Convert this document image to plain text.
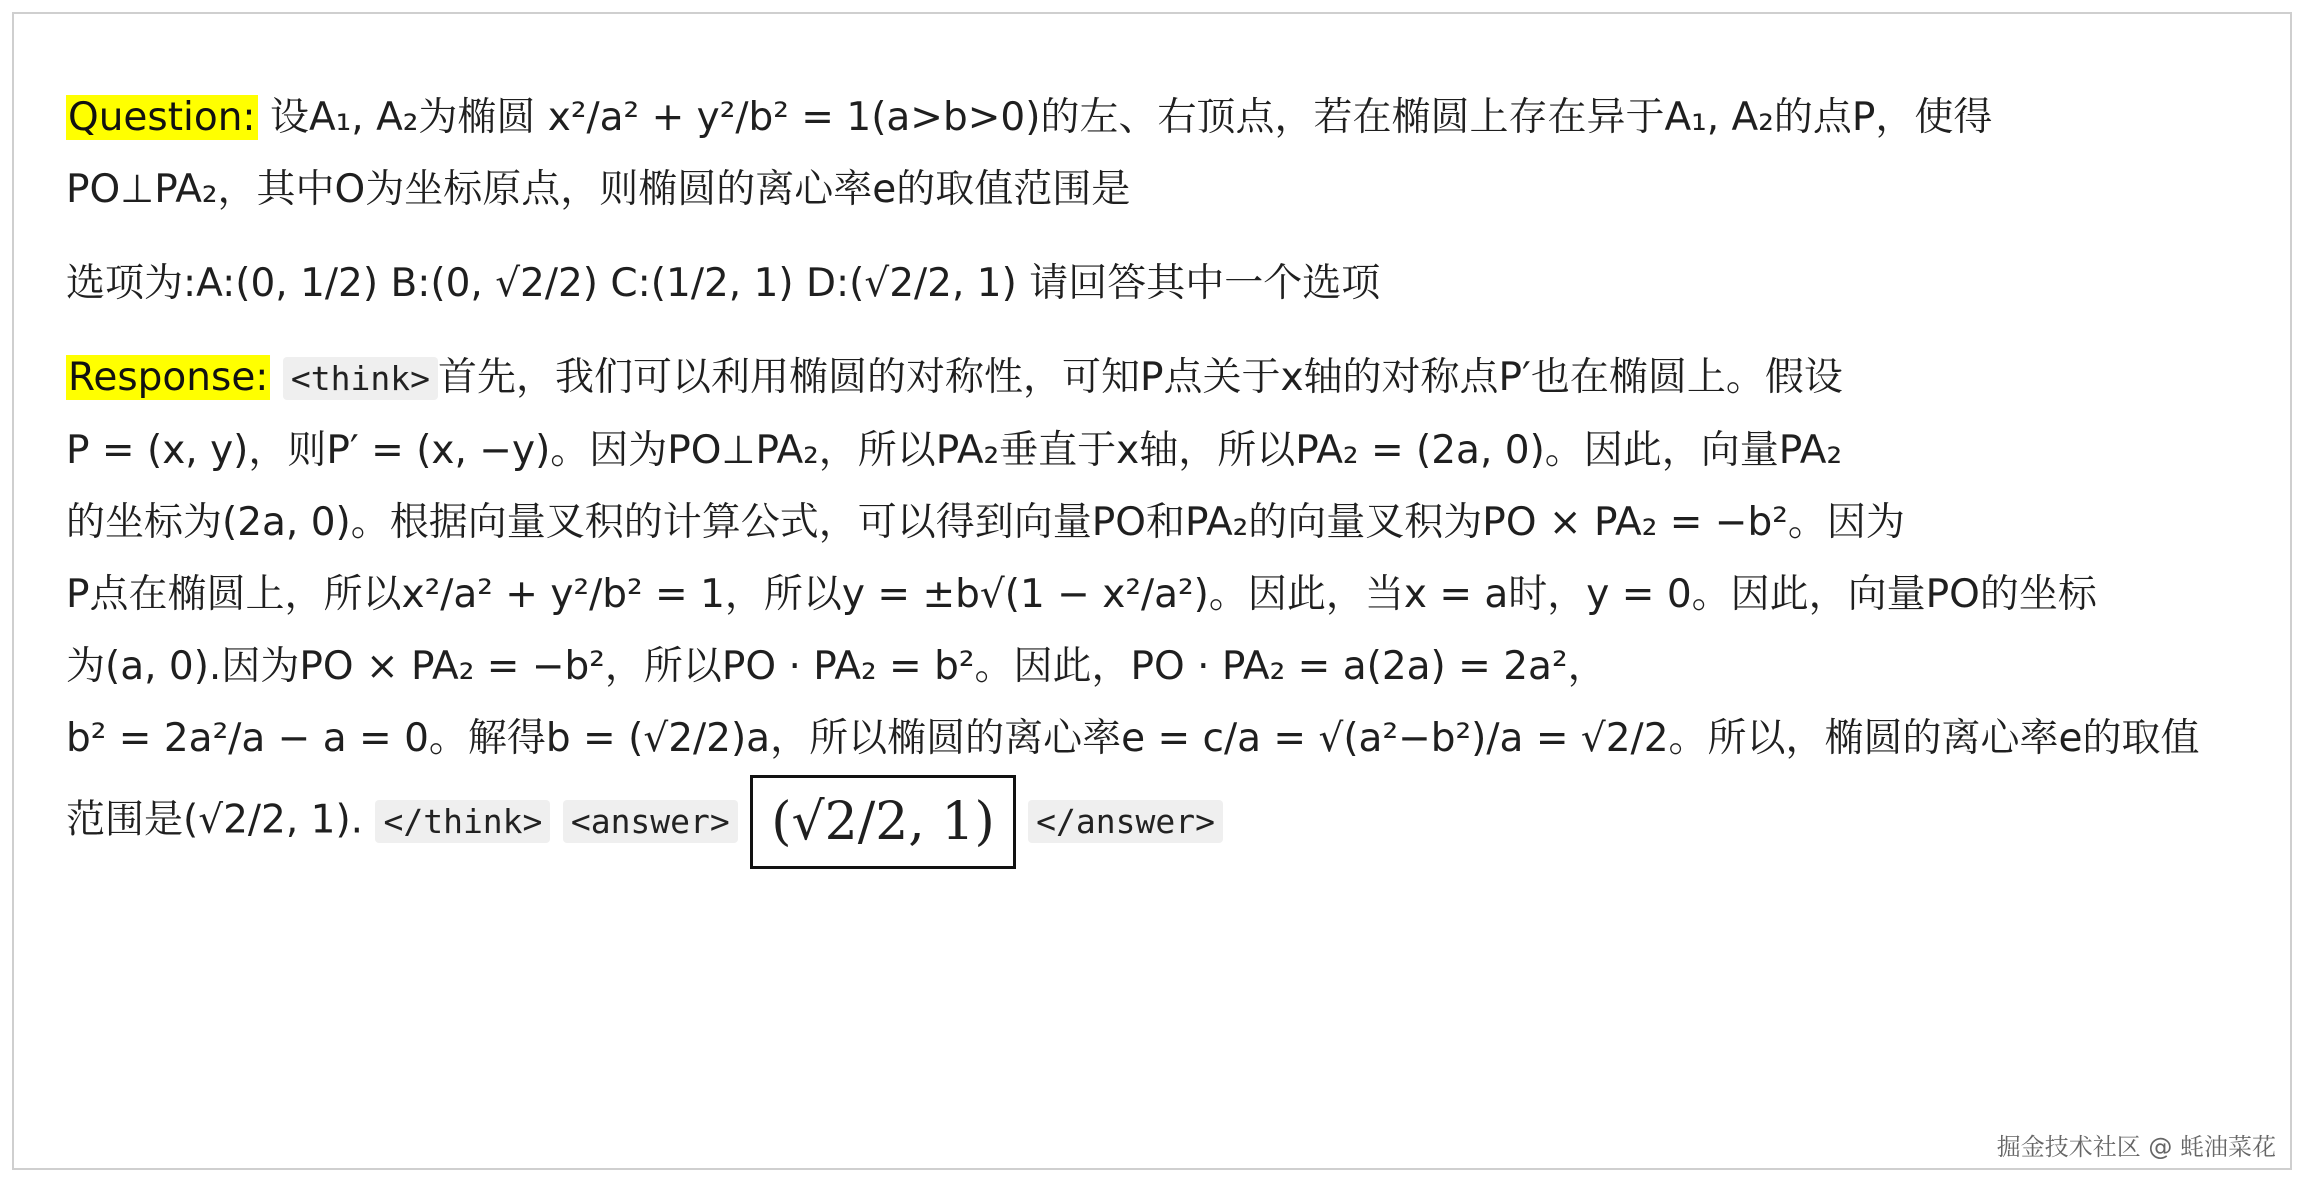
Question: 设A₁, A₂为椭圆 x²/a² + y²/b² = 1(a>b>0)的左、右顶点，若在椭圆上存在异于A₁, A₂的点P，使得
PO⊥PA₂，其中O为坐标原点，则椭圆的离心率e的取值范围是

选项为:A:(0, 1/2) B:(0, √2/2) C:(1/2, 1) D:(√2/2, 1) 请回答其中一个选项

Response: <think> 首先，我们可以利用椭圆的对称性，可知P点关于x轴的对称点P′也在椭圆上。假设
P = (x, y)，则P′ = (x, −y)。因为PO⊥PA₂，所以PA₂垂直于x轴，所以PA₂ = (2a, 0)。因此，向量PA₂
的坐标为(2a, 0)。根据向量叉积的计算公式，可以得到向量PO和PA₂的向量叉积为PO × PA₂ = −b²。因为
P点在椭圆上，所以x²/a² + y²/b² = 1，所以y = ±b√(1 − x²/a²)。因此，当x = a时，y = 0。因此，向量PO的坐标
为(a, 0).因为PO × PA₂ = −b²，所以PO · PA₂ = b²。因此，PO · PA₂ = a(2a) = 2a²，
b² = 2a²/a − a = 0。解得b = (√2/2)a，所以椭圆的离心率e = c/a = √(a²−b²)/a = √2/2。所以，椭圆的离心率e的取值
范围是(√2/2, 1). </think> <answer> (√2/2, 1) </answer>

掘金技术社区 @ 蚝油菜花
